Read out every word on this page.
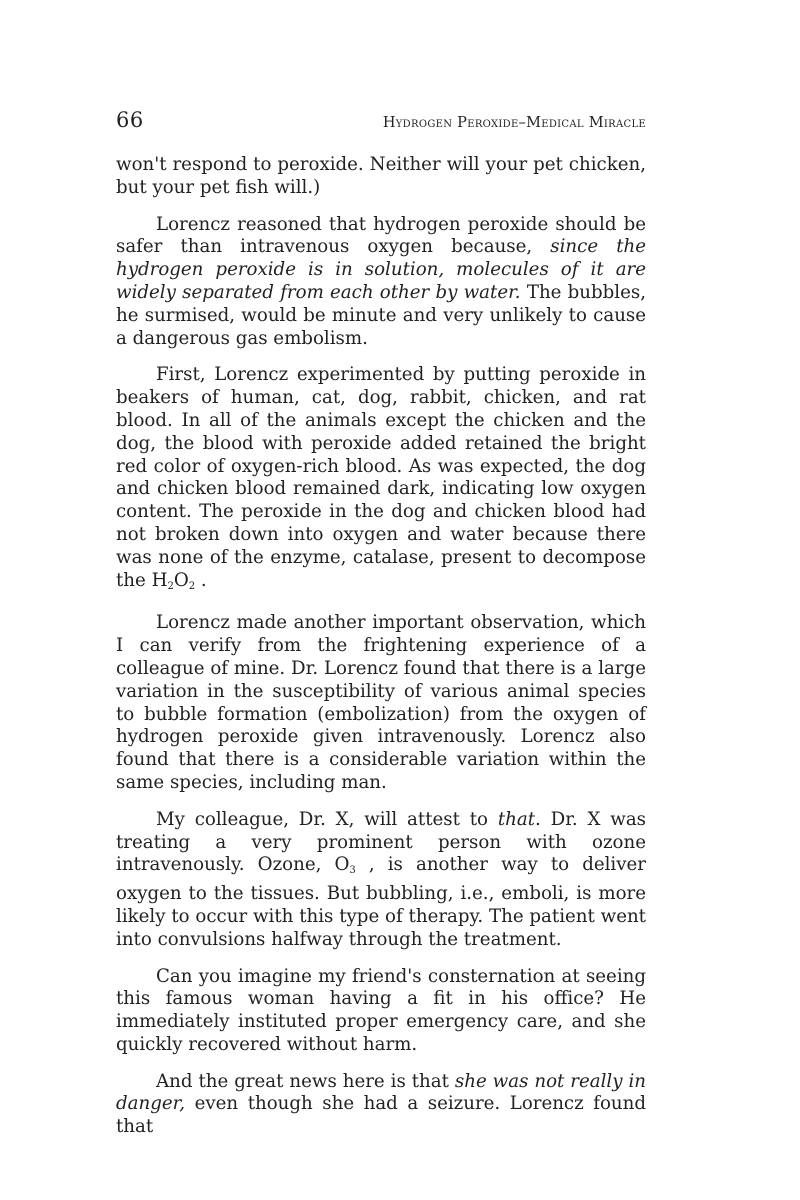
66	Hydrogen Peroxide–Medical Miracle

won't respond to peroxide. Neither will your pet chicken, but your pet fish will.)

Lorencz reasoned that hydrogen peroxide should be safer than intravenous oxygen because, since the hydrogen peroxide is in solution, molecules of it are widely separated from each other by water. The bubbles, he surmised, would be minute and very unlikely to cause a dangerous gas embolism.

First, Lorencz experimented by putting peroxide in beakers of human, cat, dog, rabbit, chicken, and rat blood. In all of the animals except the chicken and the dog, the blood with peroxide added retained the bright red color of oxygen-rich blood. As was expected, the dog and chicken blood remained dark, indicating low oxygen content. The peroxide in the dog and chicken blood had not broken down into oxygen and water because there was none of the enzyme, catalase, present to decompose the $H_2O_2$ .

Lorencz made another important observation, which I can verify from the frightening experience of a colleague of mine. Dr. Lorencz found that there is a large variation in the susceptibility of various animal species to bubble formation (embolization) from the oxygen of hydrogen peroxide given intravenously. Lorencz also found that there is a considerable variation within the same species, including man.

My colleague, Dr. X, will attest to that. Dr. X was treating a very prominent person with ozone intravenously. Ozone, $O_3$ , is another way to deliver oxygen to the tissues. But bubbling, i.e., emboli, is more likely to occur with this type of therapy. The patient went into convulsions halfway through the treatment.

Can you imagine my friend's consternation at seeing this famous woman having a fit in his office? He immediately instituted proper emergency care, and she quickly recovered without harm.

And the great news here is that she was not really in danger, even though she had a seizure. Lorencz found that
